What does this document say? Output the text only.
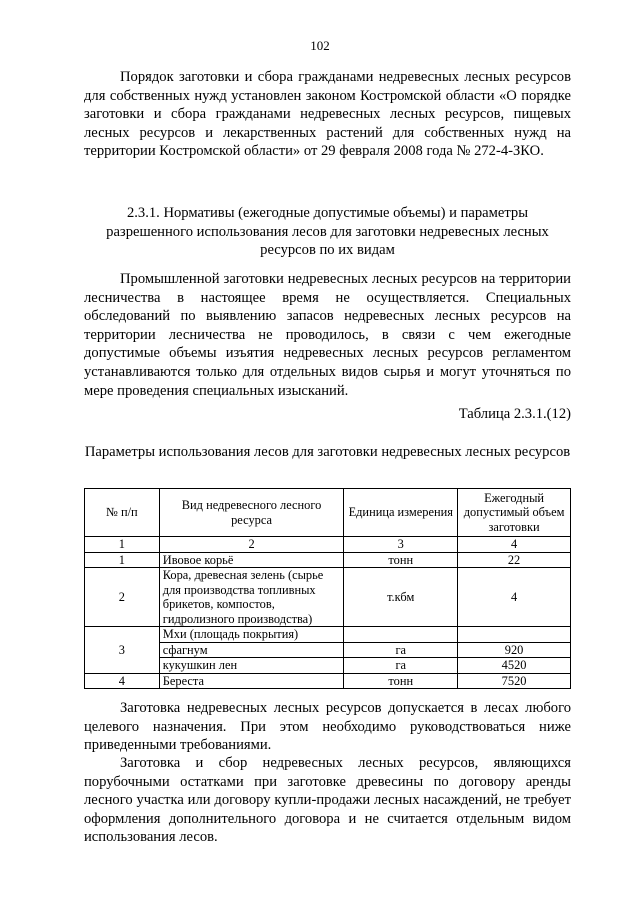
102

Порядок заготовки и сбора гражданами недревесных лесных ресурсов для собственных нужд установлен законом Костромской области «О порядке заготовки и сбора гражданами недревесных лесных ресурсов, пищевых лесных ресурсов и лекарственных растений для собственных нужд на территории Костромской области» от 29 февраля 2008 года № 272-4-ЗКО.

2.3.1. Нормативы (ежегодные допустимые объемы) и параметры разрешенного использования лесов для заготовки недревесных лесных ресурсов по их видам

Промышленной заготовки недревесных лесных ресурсов на территории лесничества в настоящее время не осуществляется. Специальных обследований по выявлению запасов недревесных лесных ресурсов на территории лесничества не проводилось, в связи с чем ежегодные допустимые объемы изъятия недревесных лесных ресурсов регламентом устанавливаются только для отдельных видов сырья и могут уточняться по мере проведения специальных изысканий.

Таблица 2.3.1.(12)

Параметры использования лесов для заготовки недревесных лесных ресурсов

№ п/п	Вид недревесного лесного ресурса	Единица измерения	Ежегодный допустимый объем заготовки
1	2	3	4
1	Ивовое корьё	тонн	22
2	Кора, древесная зелень (сырье для производства топливных брикетов, компостов, гидролизного производства)	т.кбм	4
3	Мхи (площадь покрытия)		
	сфагнум	га	920
	кукушкин лен	га	4520
4	Береста	тонн	7520

Заготовка недревесных лесных ресурсов допускается в лесах любого целевого назначения. При этом необходимо руководствоваться ниже приведенными требованиями.

Заготовка и сбор недревесных лесных ресурсов, являющихся порубочными остатками при заготовке древесины по договору аренды лесного участка или договору купли-продажи лесных насаждений, не требует оформления дополнительного договора и не считается отдельным видом использования лесов.
